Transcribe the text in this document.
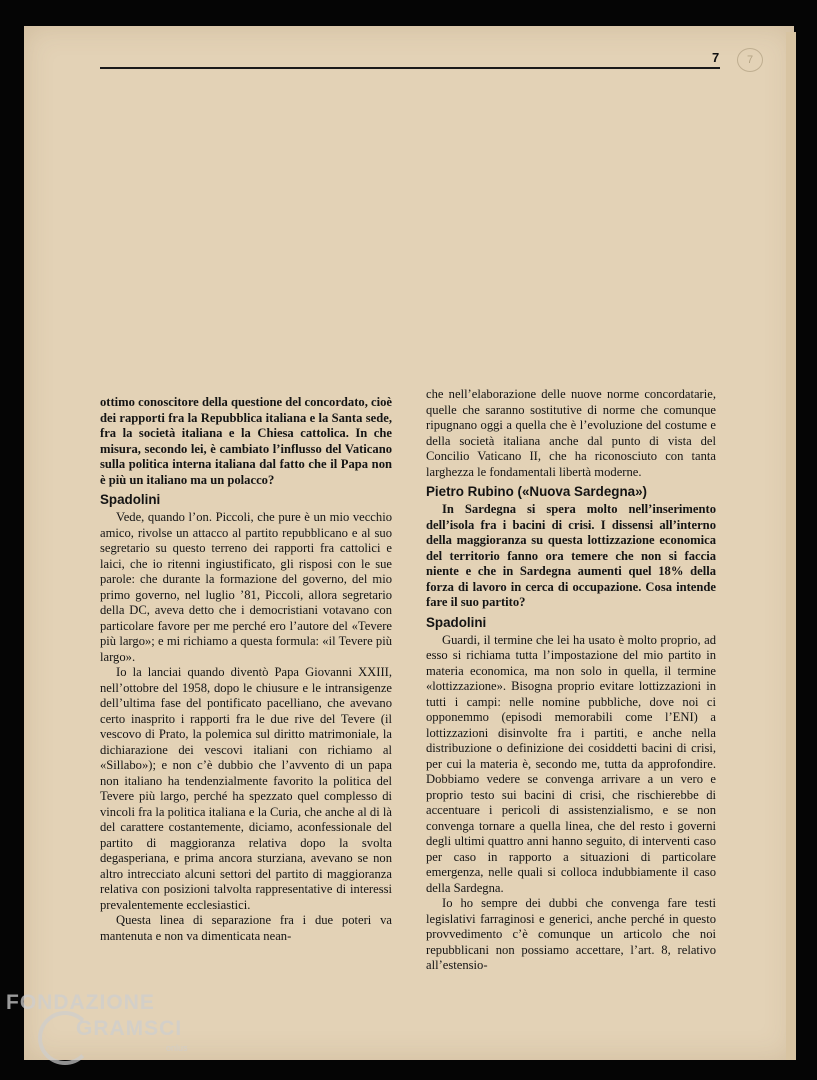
7	7

ottimo conoscitore della questione del concordato, cioè dei rapporti fra la Repubblica italiana e la Santa sede, fra la società italiana e la Chiesa cattolica. In che misura, secondo lei, è cambiato l’influsso del Vaticano sulla politica interna italiana dal fatto che il Papa non è più un italiano ma un polacco?

Spadolini

Vede, quando l’on. Piccoli, che pure è un mio vecchio amico, rivolse un attacco al partito repubblicano e al suo segretario su questo terreno dei rapporti fra cattolici e laici, che io ritenni ingiustificato, gli risposi con le sue parole: che durante la formazione del governo, del mio primo governo, nel luglio ’81, Piccoli, allora segretario della DC, aveva detto che i democristiani votavano con particolare favore per me perché ero l’autore del «Tevere più largo»; e mi richiamo a questa formula: «il Tevere più largo».

Io la lanciai quando diventò Papa Giovanni XXIII, nell’ottobre del 1958, dopo le chiusure e le intransigenze dell’ultima fase del pontificato pacelliano, che avevano certo inasprito i rapporti fra le due rive del Tevere (il vescovo di Prato, la polemica sul diritto matrimoniale, la dichiarazione dei vescovi italiani con richiamo al «Sillabo»); e non c’è dubbio che l’avvento di un papa non italiano ha tendenzialmente favorito la politica del Tevere più largo, perché ha spezzato quel complesso di vincoli fra la politica italiana e la Curia, che anche al di là del carattere costantemente, diciamo, aconfessionale del partito di maggioranza relativa dopo la svolta degasperiana, e prima ancora sturziana, avevano se non altro intrecciato alcuni settori del partito di maggioranza relativa con posizioni talvolta rappresentative di interessi prevalentemente ecclesiastici.

Questa linea di separazione fra i due poteri va mantenuta e non va dimenticata nean-

che nell’elaborazione delle nuove norme concordatarie, quelle che saranno sostitutive di norme che comunque ripugnano oggi a quella che è l’evoluzione del costume e della società italiana anche dal punto di vista del Concilio Vaticano II, che ha riconosciuto con tanta larghezza le fondamentali libertà moderne.

Pietro Rubino («Nuova Sardegna»)

In Sardegna si spera molto nell’inserimento dell’isola fra i bacini di crisi. I dissensi all’interno della maggioranza su questa lottizzazione economica del territorio fanno ora temere che non si faccia niente e che in Sardegna aumenti quel 18% della forza di lavoro in cerca di occupazione. Cosa intende fare il suo partito?

Spadolini

Guardi, il termine che lei ha usato è molto proprio, ad esso si richiama tutta l’impostazione del mio partito in materia economica, ma non solo in quella, il termine «lottizzazione». Bisogna proprio evitare lottizzazioni in tutti i campi: nelle nomine pubbliche, dove noi ci opponemmo (episodi memorabili come l’ENI) a lottizzazioni disinvolte fra i partiti, e anche nella distribuzione o definizione dei cosiddetti bacini di crisi, per cui la materia è, secondo me, tutta da approfondire. Dobbiamo vedere se convenga arrivare a un vero e proprio testo sui bacini di crisi, che rischierebbe di accentuare i pericoli di assistenzialismo, e se non convenga tornare a quella linea, che del resto i governi degli ultimi quattro anni hanno seguito, di interventi caso per caso in rapporto a situazioni di particolare emergenza, nelle quali si colloca indubbiamente il caso della Sardegna.

Io ho sempre dei dubbi che convenga fare testi legislativi farraginosi e generici, anche perché in questo provvedimento c’è comunque un articolo che noi repubblicani non possiamo accettare, l’art. 8, relativo all’estensio-

FONDAZIONE
GRAMSCI
onlus
